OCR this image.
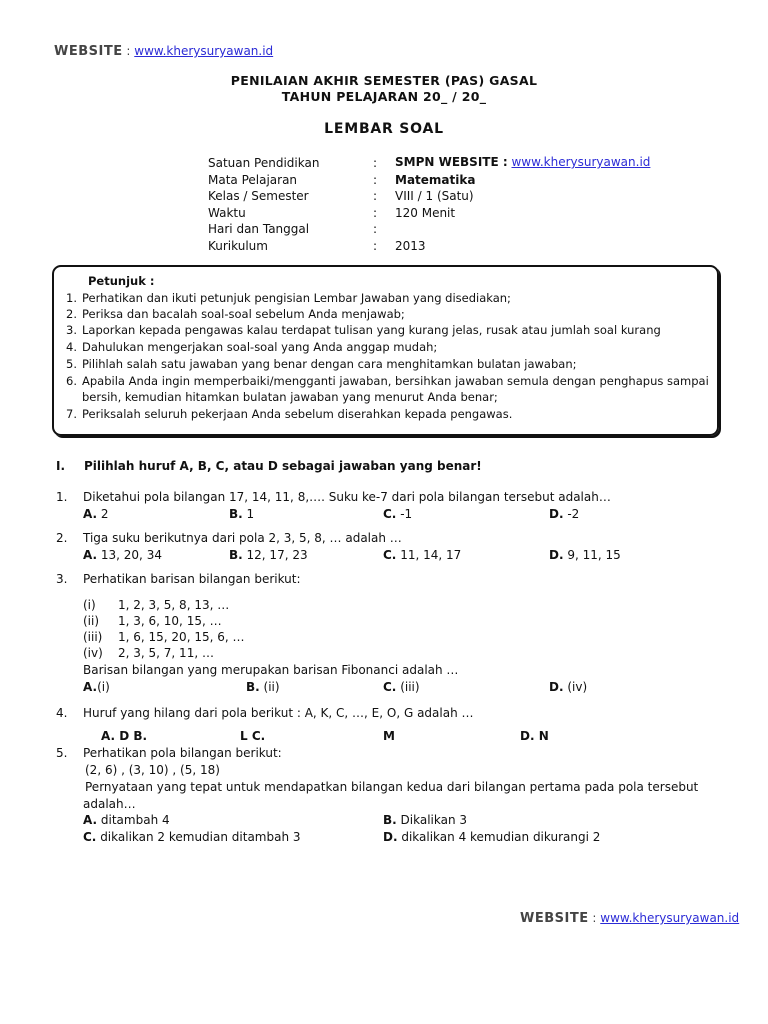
WEBSITE : www.kherysuryawan.id
PENILAIAN AKHIR SEMESTER (PAS) GASAL
TAHUN PELAJARAN 20_ / 20_
LEMBAR SOAL
Satuan Pendidikan	: SMPN WEBSITE : www.kherysuryawan.id
Mata Pelajaran	: Matematika
Kelas / Semester	: VIII / 1 (Satu)
Waktu	: 120 Menit
Hari dan Tanggal	:
Kurikulum	: 2013
Petunjuk :
1. Perhatikan dan ikuti petunjuk pengisian Lembar Jawaban yang disediakan;
2. Periksa dan bacalah soal-soal sebelum Anda menjawab;
3. Laporkan kepada pengawas kalau terdapat tulisan yang kurang jelas, rusak atau jumlah soal kurang
4. Dahulukan mengerjakan soal-soal yang Anda anggap mudah;
5. Pilihlah salah satu jawaban yang benar dengan cara menghitamkan bulatan jawaban;
6. Apabila Anda ingin memperbaiki/mengganti jawaban, bersihkan jawaban semula dengan penghapus sampai
bersih, kemudian hitamkan bulatan jawaban yang menurut Anda benar;
7. Periksalah seluruh pekerjaan Anda sebelum diserahkan kepada pengawas.
I. Pilihlah huruf A, B, C, atau D sebagai jawaban yang benar!
1. Diketahui pola bilangan 17, 14, 11, 8,…. Suku ke-7 dari pola bilangan tersebut adalah…
A. 2	B. 1	C. -1	D. -2
2. Tiga suku berikutnya dari pola 2, 3, 5, 8, … adalah …
A. 13, 20, 34	B. 12, 17, 23	C. 11, 14, 17	D. 9, 11, 15
3. Perhatikan barisan bilangan berikut:
(i) 1, 2, 3, 5, 8, 13, …
(ii) 1, 3, 6, 10, 15, …
(iii) 1, 6, 15, 20, 15, 6, …
(iv) 2, 3, 5, 7, 11, …
Barisan bilangan yang merupakan barisan Fibonanci adalah …
A.(i)	B. (ii)	C. (iii)	D. (iv)
4. Huruf yang hilang dari pola berikut : A, K, C, …, E, O, G adalah …
A. D B.	L C.	M	D. N
5. Perhatikan pola bilangan berikut:
(2, 6) , (3, 10) , (5, 18)
Pernyataan yang tepat untuk mendapatkan bilangan kedua dari bilangan pertama pada pola tersebut
adalah…
A. ditambah 4	B. Dikalikan 3
C. dikalikan 2 kemudian ditambah 3	D. dikalikan 4 kemudian dikurangi 2
WEBSITE : www.kherysuryawan.id
